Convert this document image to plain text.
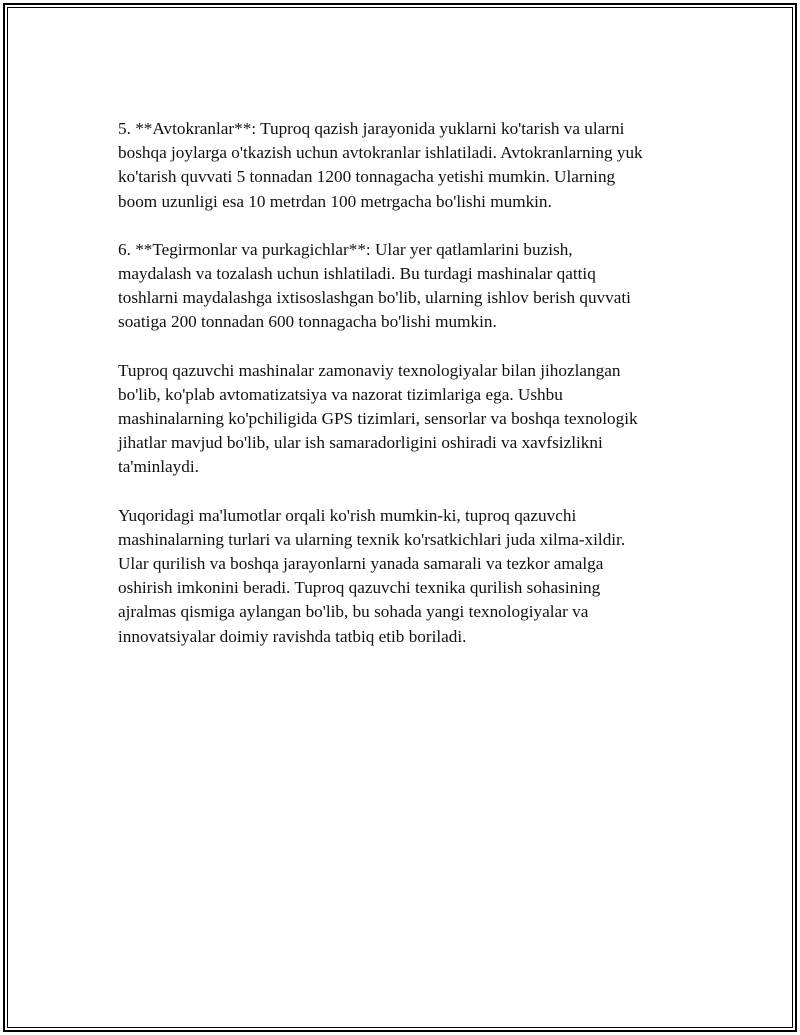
5. **Avtokranlar**: Tuproq qazish jarayonida yuklarni ko'tarish va ularni
boshqa joylarga o'tkazish uchun avtokranlar ishlatiladi. Avtokranlarning yuk
ko'tarish quvvati 5 tonnadan 1200 tonnagacha yetishi mumkin. Ularning
boom uzunligi esa 10 metrdan 100 metrgacha bo'lishi mumkin.

6. **Tegirmonlar va purkagichlar**: Ular yer qatlamlarini buzish,
maydalash va tozalash uchun ishlatiladi. Bu turdagi mashinalar qattiq
toshlarni maydalashga ixtisoslashgan bo'lib, ularning ishlov berish quvvati
soatiga 200 tonnadan 600 tonnagacha bo'lishi mumkin.

Tuproq qazuvchi mashinalar zamonaviy texnologiyalar bilan jihozlangan
bo'lib, ko'plab avtomatizatsiya va nazorat tizimlariga ega. Ushbu
mashinalarning ko'pchiligida GPS tizimlari, sensorlar va boshqa texnologik
jihatlar mavjud bo'lib, ular ish samaradorligini oshiradi va xavfsizlikni
ta'minlaydi.

Yuqoridagi ma'lumotlar orqali ko'rish mumkin-ki, tuproq qazuvchi
mashinalarning turlari va ularning texnik ko'rsatkichlari juda xilma-xildir.
Ular qurilish va boshqa jarayonlarni yanada samarali va tezkor amalga
oshirish imkonini beradi. Tuproq qazuvchi texnika qurilish sohasining
ajralmas qismiga aylangan bo'lib, bu sohada yangi texnologiyalar va
innovatsiyalar doimiy ravishda tatbiq etib boriladi.
